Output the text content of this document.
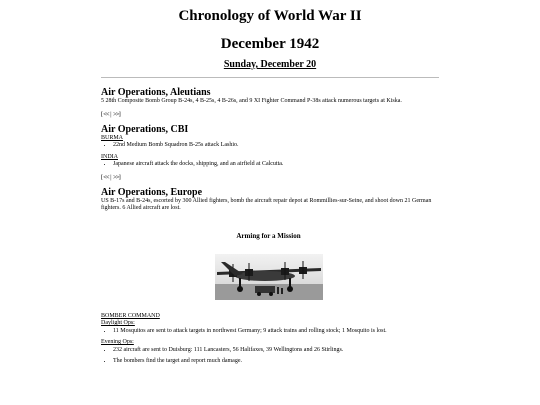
Chronology of World War II
December 1942
Sunday, December 20
Air Operations, Aleutians

5 28th Composite Bomb Group B-24s, 4 B-25s, 4 B-26s, and 9 XI Fighter Command P-38s attack numerous targets at Kiska.

[<< | >>]
Air Operations, CBI
BURMA
• 22nd Medium Bomb Squadron B-25s attack Lashio.
INDIA
• Japanese aircraft attack the docks, shipping, and an airfield at Calcutta.
[<< | >>]
Air Operations, Europe

US B-17s and B-24s, escorted by 300 Allied fighters, bomb the aircraft repair depot at Rommillies-sur-Seine, and shoot down 21 German fighters. 6 Allied aircraft are lost.

Arming for a Mission
BOMBER COMMAND
Daylight Ops:
• 11 Mosquitos are sent to attack targets in northwest Germany; 9 attack trains and rolling stock; 1 Mosquito is lost.
Evening Ops:
• 232 aircraft are sent to Duisburg: 111 Lancasters, 56 Halifaxes, 39 Wellingtons and 26 Stirlings.
• The bombers find the target and report much damage.
